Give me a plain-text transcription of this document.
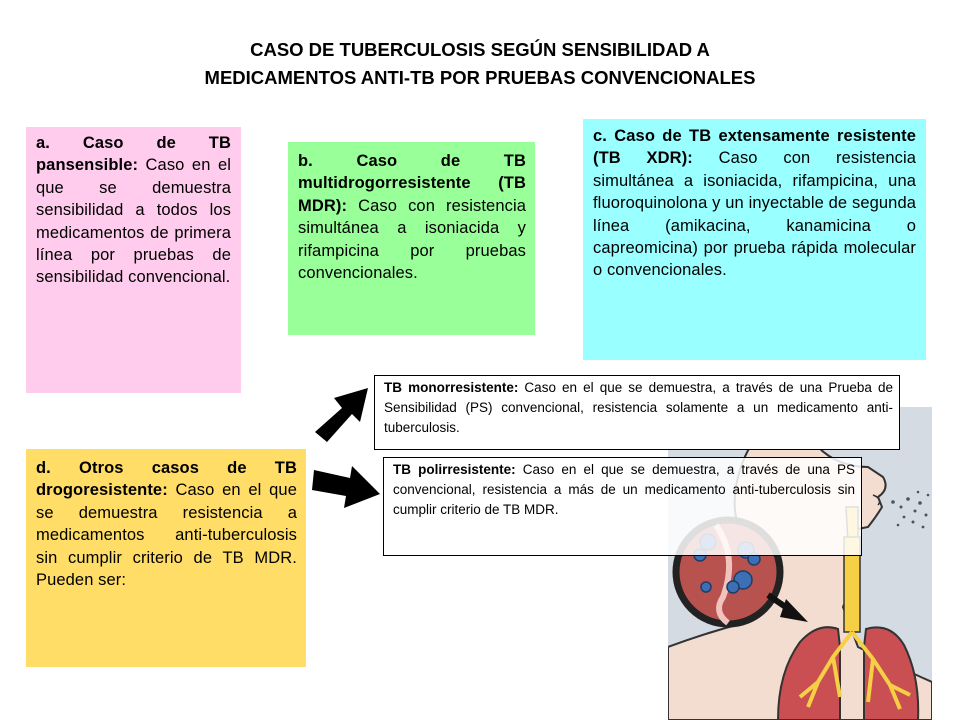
CASO DE TUBERCULOSIS SEGÚN SENSIBILIDAD A
MEDICAMENTOS ANTI-TB POR PRUEBAS CONVENCIONALES
a. Caso de TB pansensible: Caso en el que se demuestra sensibilidad a todos los medicamentos de primera línea por pruebas de sensibilidad convencional.
b. Caso de TB multidrogorresistente (TB MDR): Caso con resistencia simultánea a isoniacida y rifampicina por pruebas convencionales.
c. Caso de TB extensamente resistente (TB XDR): Caso con resistencia simultánea a isoniacida, rifampicina, una fluoroquinolona y un inyectable de segunda línea (amikacina, kanamicina o capreomicina) por prueba rápida molecular o convencionales.
d. Otros casos de TB drogoresistente: Caso en el que se demuestra resistencia a medicamentos anti-tuberculosis sin cumplir criterio de TB MDR. Pueden ser:
TB monorresistente: Caso en el que se demuestra, a través de una Prueba de Sensibilidad (PS) convencional, resistencia solamente a un medicamento anti-tuberculosis.
TB polirresistente: Caso en el que se demuestra, a través de una PS convencional, resistencia a más de un medicamento anti-tuberculosis sin cumplir criterio de TB MDR.
